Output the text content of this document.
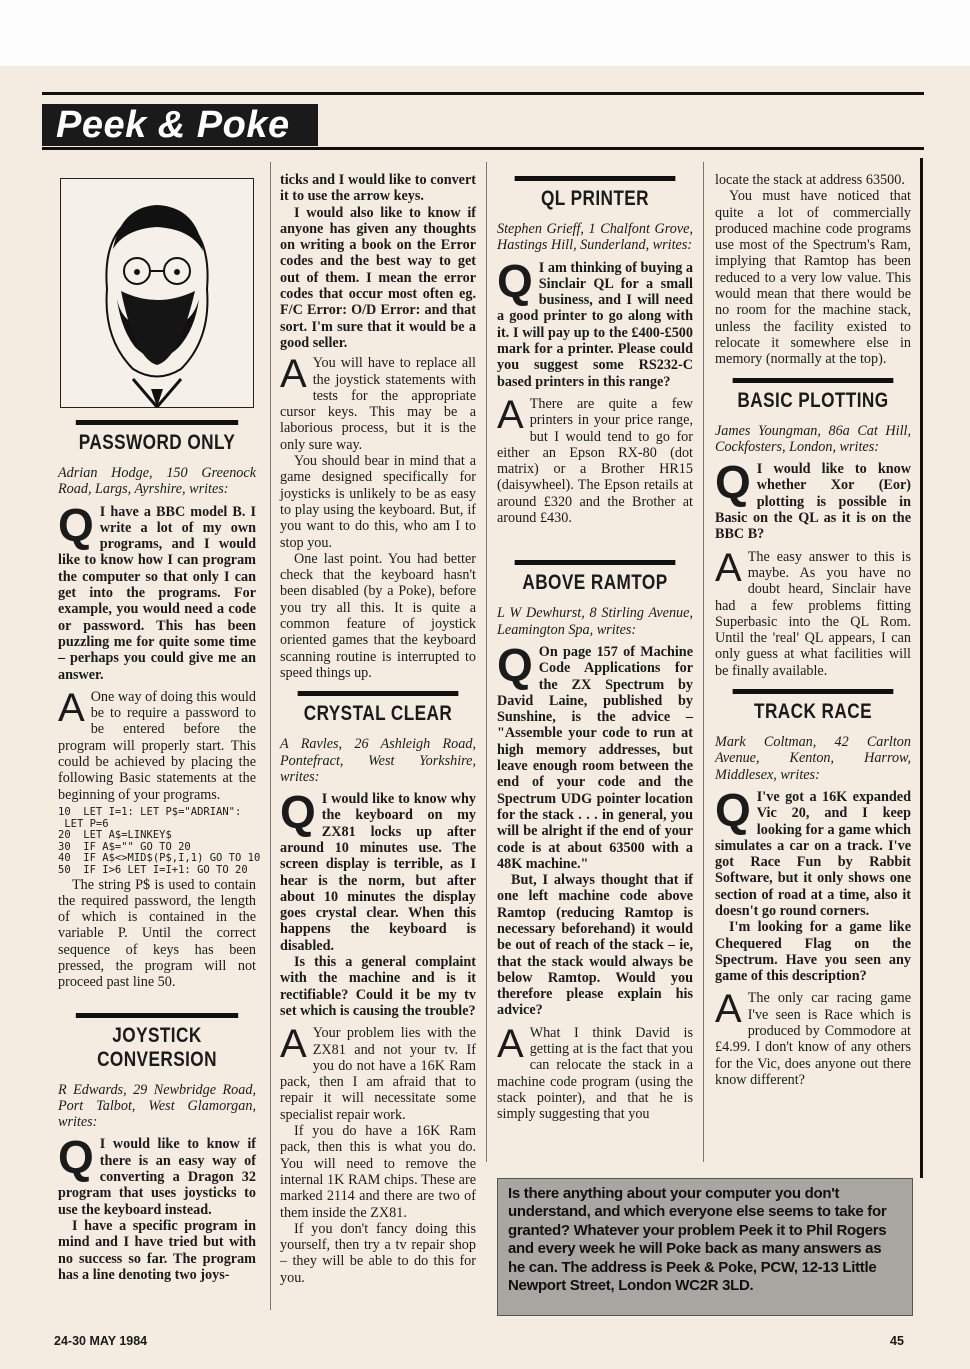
Peek & Poke
PASSWORD ONLY

Adrian Hodge, 150 Greenock Road, Largs, Ayrshire, writes:

Q I have a BBC model B. I write a lot of my own programs, and I would like to know how I can program the computer so that only I can get into the programs. For example, you would need a code or password. This has been puzzling me for quite some time – perhaps you could give me an answer.

A One way of doing this would be to require a password to be entered before the program will properly start. This could be achieved by placing the following Basic statements at the beginning of your programs.

10  LET I=1: LET P$="ADRIAN":
LET P=6
20  LET A$=LINKEY$
30  IF A$="" GO TO 20
40  IF A$<>MID$(P$,I,1) GO TO 10
50  IF I>6 LET I=I+1: GO TO 20

The string P$ is used to contain the required password, the length of which is contained in the variable P. Until the correct sequence of keys has been pressed, the program will not proceed past line 50.

JOYSTICK CONVERSION

R Edwards, 29 Newbridge Road, Port Talbot, West Glamorgan, writes:

Q I would like to know if there is an easy way of converting a Dragon 32 program that uses joysticks to use the keyboard instead.

I have a specific program in mind and I have tried but with no success so far. The program has a line denoting two joys-

ticks and I would like to convert it to use the arrow keys.

I would also like to know if anyone has given any thoughts on writing a book on the Error codes and the best way to get out of them. I mean the error codes that occur most often eg. F/C Error: O/D Error: and that sort. I'm sure that it would be a good seller.

A You will have to replace all the joystick statements with tests for the appropriate cursor keys. This may be a laborious process, but it is the only sure way.

You should bear in mind that a game designed specifically for joysticks is unlikely to be as easy to play using the keyboard. But, if you want to do this, who am I to stop you.

One last point. You had better check that the keyboard hasn't been disabled (by a Poke), before you try all this. It is quite a common feature of joystick oriented games that the keyboard scanning routine is interrupted to speed things up.

CRYSTAL CLEAR

A Ravles, 26 Ashleigh Road, Pontefract, West Yorkshire, writes:

Q I would like to know why the keyboard on my ZX81 locks up after around 10 minutes use. The screen display is terrible, as I hear is the norm, but after about 10 minutes the display goes crystal clear. When this happens the keyboard is disabled.

Is this a general complaint with the machine and is it rectifiable? Could it be my tv set which is causing the trouble?

A Your problem lies with the ZX81 and not your tv. If you do not have a 16K Ram pack, then I am afraid that to repair it will necessitate some specialist repair work.

If you do have a 16K Ram pack, then this is what you do. You will need to remove the internal 1K RAM chips. These are marked 2114 and there are two of them inside the ZX81.

If you don't fancy doing this yourself, then try a tv repair shop – they will be able to do this for you.

QL PRINTER

Stephen Grieff, 1 Chalfont Grove, Hastings Hill, Sunderland, writes:

Q I am thinking of buying a Sinclair QL for a small business, and I will need a good printer to go along with it. I will pay up to the £400-£500 mark for a printer. Please could you suggest some RS232-C based printers in this range?

A There are quite a few printers in your price range, but I would tend to go for either an Epson RX-80 (dot matrix) or a Brother HR15 (daisywheel). The Epson retails at around £320 and the Brother at around £430.

ABOVE RAMTOP

L W Dewhurst, 8 Stirling Avenue, Leamington Spa, writes:

Q On page 157 of Machine Code Applications for the ZX Spectrum by David Laine, published by Sunshine, is the advice – "Assemble your code to run at high memory addresses, but leave enough room between the end of your code and the Spectrum UDG pointer location for the stack . . . in general, you will be alright if the end of your code is at about 63500 with a 48K machine."

But, I always thought that if one left machine code above Ramtop (reducing Ramtop is necessary beforehand) it would be out of reach of the stack – ie, that the stack would always be below Ramtop. Would you therefore please explain his advice?

A What I think David is getting at is the fact that you can relocate the stack in a machine code program (using the stack pointer), and that he is simply suggesting that you

locate the stack at address 63500.

You must have noticed that quite a lot of commercially produced machine code programs use most of the Spectrum's Ram, implying that Ramtop has been reduced to a very low value. This would mean that there would be no room for the machine stack, unless the facility existed to relocate it somewhere else in memory (normally at the top).

BASIC PLOTTING

James Youngman, 86a Cat Hill, Cockfosters, London, writes:

Q I would like to know whether Xor (Eor) plotting is possible in Basic on the QL as it is on the BBC B?

A The easy answer to this is maybe. As you have no doubt heard, Sinclair have had a few problems fitting Superbasic into the QL Rom. Until the 'real' QL appears, I can only guess at what facilities will be finally available.

TRACK RACE

Mark Coltman, 42 Carlton Avenue, Kenton, Harrow, Middlesex, writes:

Q I've got a 16K expanded Vic 20, and I keep looking for a game which simulates a car on a track. I've got Race Fun by Rabbit Software, but it only shows one section of road at a time, also it doesn't go round corners.

I'm looking for a game like Chequered Flag on the Spectrum. Have you seen any game of this description?

A The only car racing game I've seen is Race which is produced by Commodore at £4.99. I don't know of any others for the Vic, does anyone out there know different?

Is there anything about your computer you don't understand, and which everyone else seems to take for granted? Whatever your problem Peek it to Phil Rogers and every week he will Poke back as many answers as he can. The address is Peek & Poke, PCW, 12-13 Little Newport Street, London WC2R 3LD.
24-30 MAY 1984	45
